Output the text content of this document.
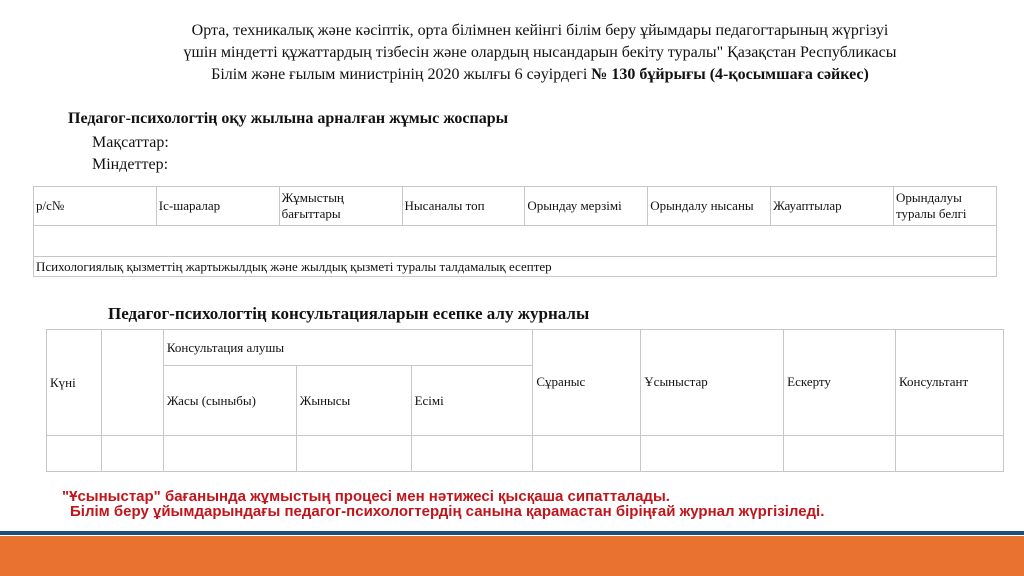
Орта, техникалық және кәсіптік, орта білімнен кейінгі білім беру ұйымдары педагогтарының жүргізуі
үшін міндетті құжаттардың тізбесін және олардың нысандарын бекіту туралы" Қазақстан Республикасы
Білім және ғылым министрінің 2020 жылғы 6 сәуірдегі № 130 бұйрығы (4-қосымшаға сәйкес)
Педагог-психологтің оқу жылына арналған жұмыс жоспары
Мақсаттар:
Міндеттер:
р/с№	Іс-шаралар	Жұмыстың бағыттары	Нысаналы топ	Орындау мерзімі	Орындалу нысаны	Жауаптылар	Орындалуы туралы белгі

Психологиялық қызметтің жартыжылдық және жылдық қызметі туралы талдамалық есептер
Педагог-психологтің консультацияларын есепке алу журналы
Күні		Консультация алушы			Сұраныс	Ұсыныстар	Ескерту	Консультант
		Жасы (сыныбы)	Жынысы	Есімі				

"Ұсыныстар" бағанында жұмыстың процесі мен нәтижесі қысқаша сипатталады.
Білім беру ұйымдарындағы педагог-психологтердің санына қарамастан біріңғай журнал жүргізіледі.
